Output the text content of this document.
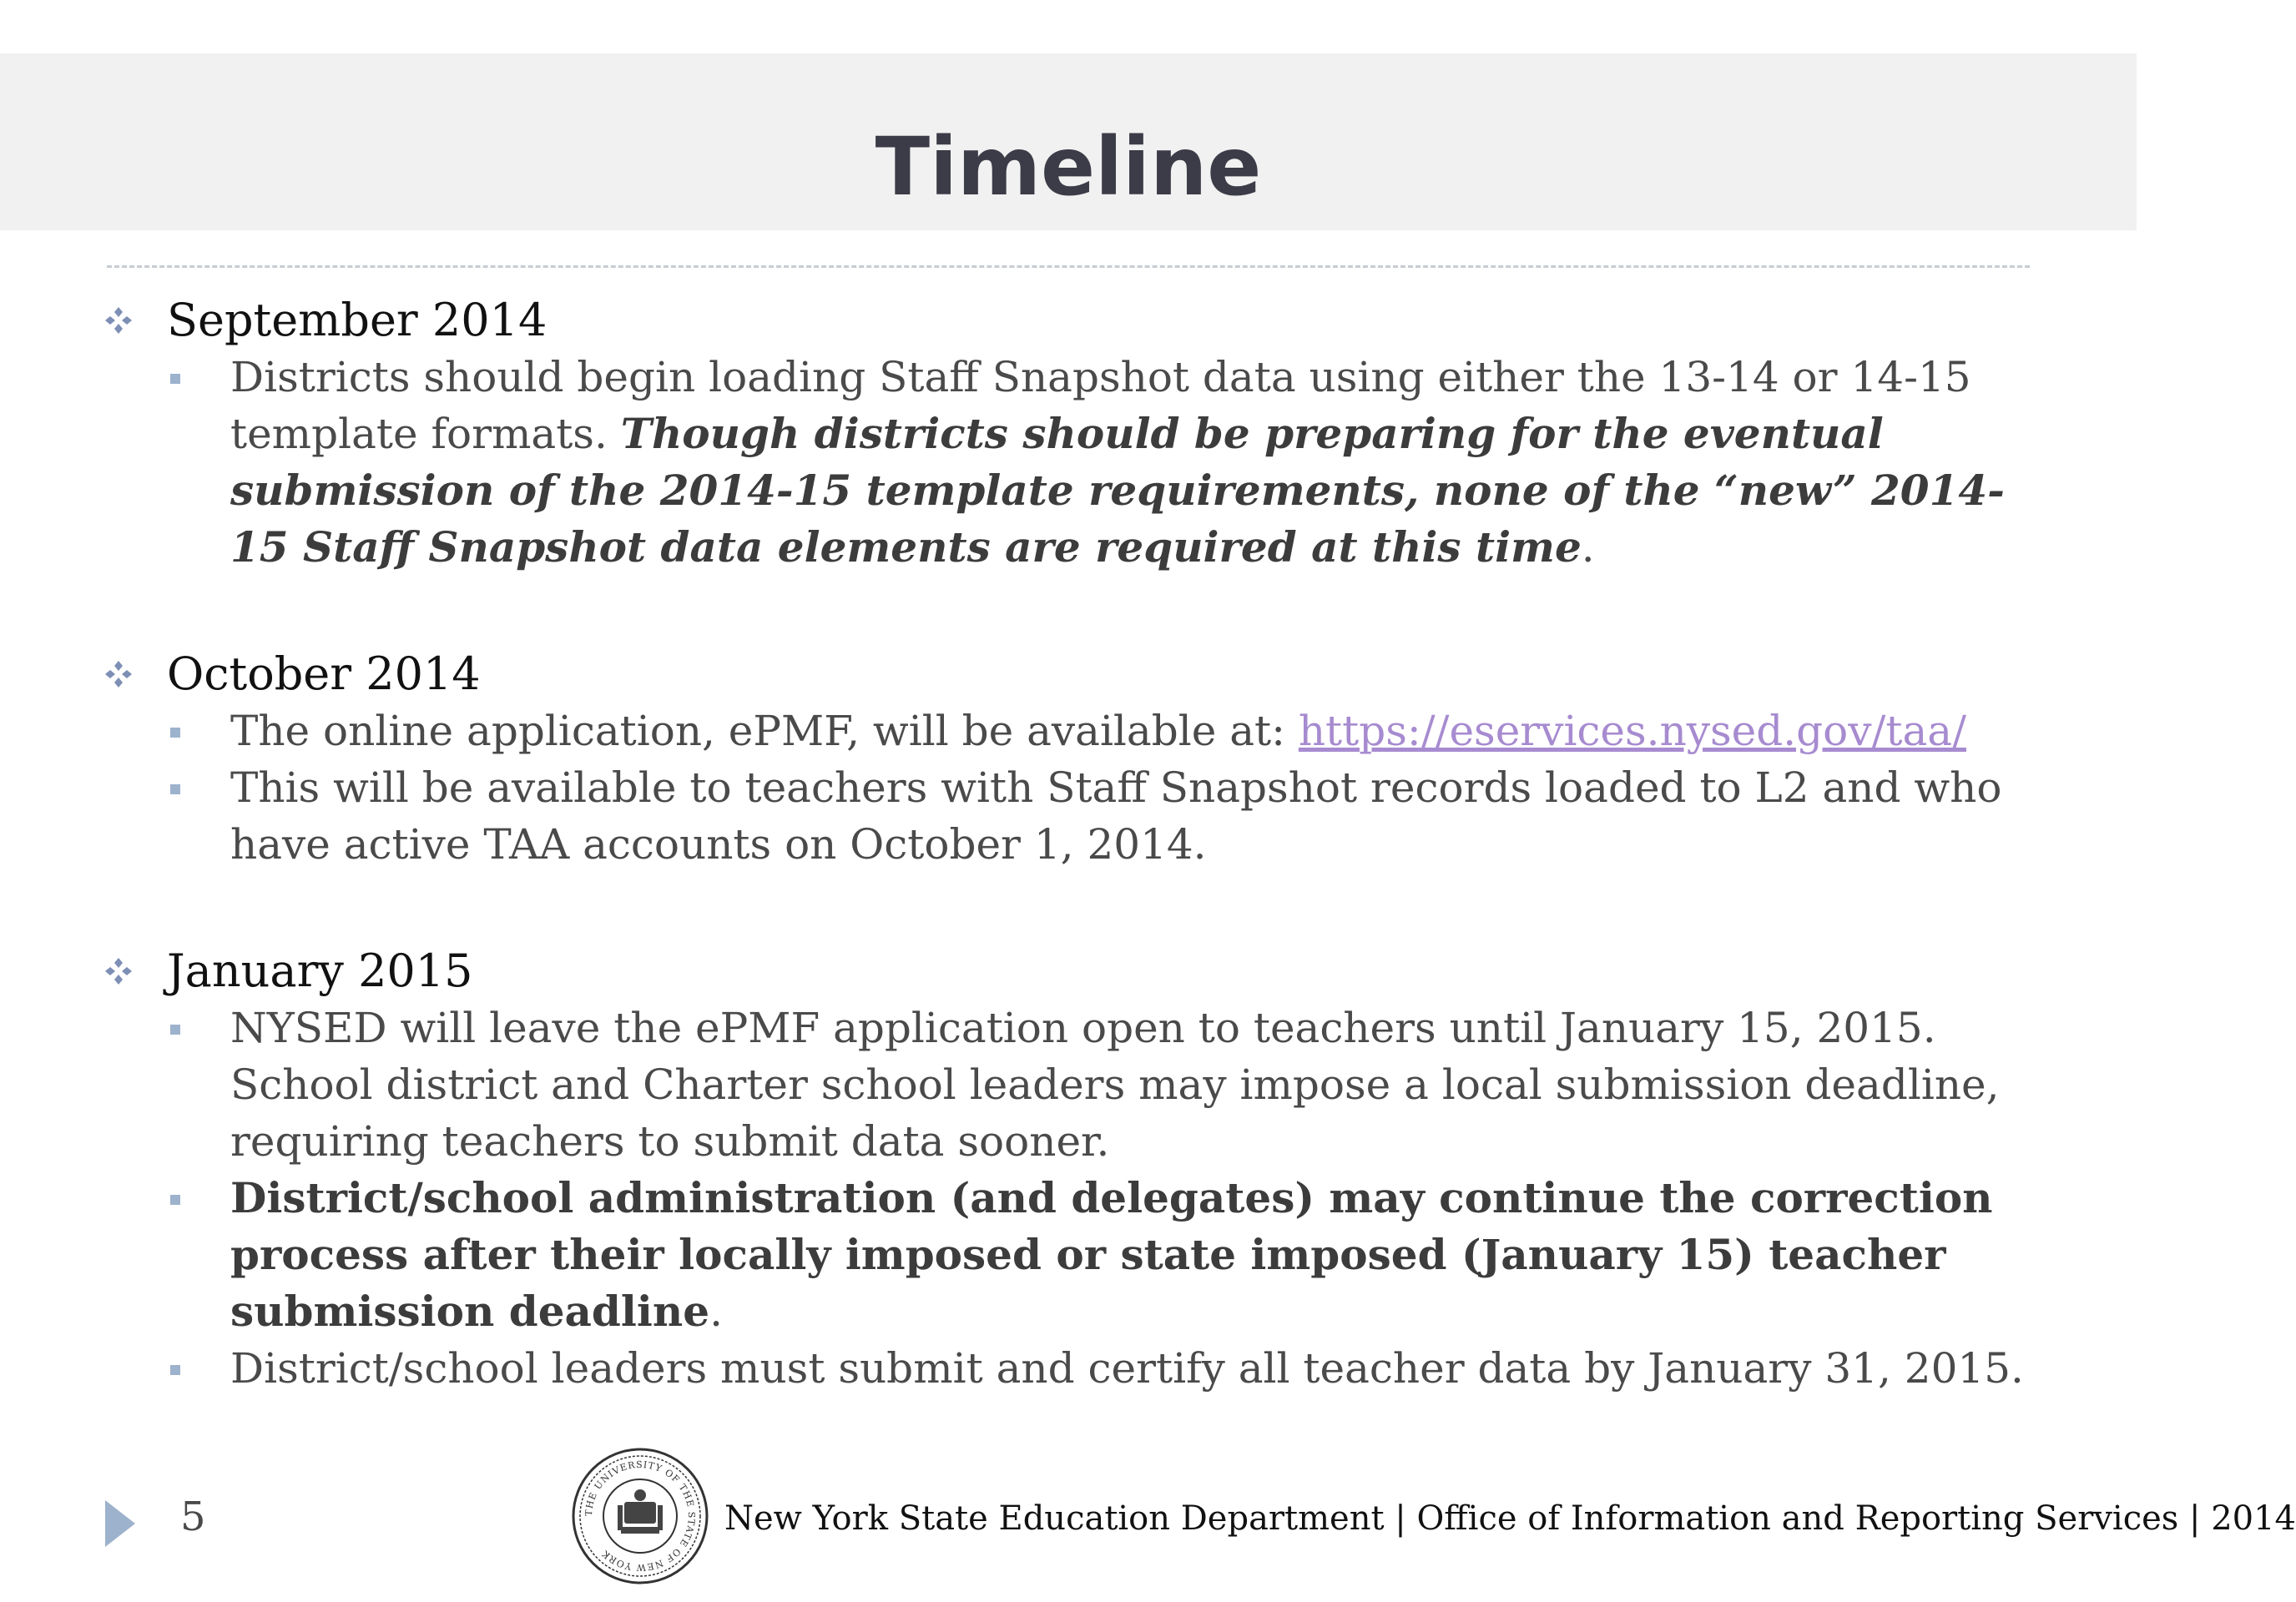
Timeline
September 2014
Districts should begin loading Staff Snapshot data using either the 13-14 or 14-15 template formats. Though districts should be preparing for the eventual submission of the 2014-15 template requirements, none of the “new” 2014-15 Staff Snapshot data elements are required at this time.
October 2014
The online application, ePMF, will be available at: https://eservices.nysed.gov/taa/
This will be available to teachers with Staff Snapshot records loaded to L2 and who have active TAA accounts on October 1, 2014.
January 2015
NYSED will leave the ePMF application open to teachers until January 15, 2015. School district and Charter school leaders may impose a local submission deadline, requiring teachers to submit data sooner.
District/school administration (and delegates) may continue the correction process after their locally imposed or state imposed (January 15) teacher submission deadline.
District/school leaders must submit and certify all teacher data by January 31, 2015.
5	THE UNIVERSITY OF THE STATE OF NEW YORK
New York State Education Department | Office of Information and Reporting Services | 2014
